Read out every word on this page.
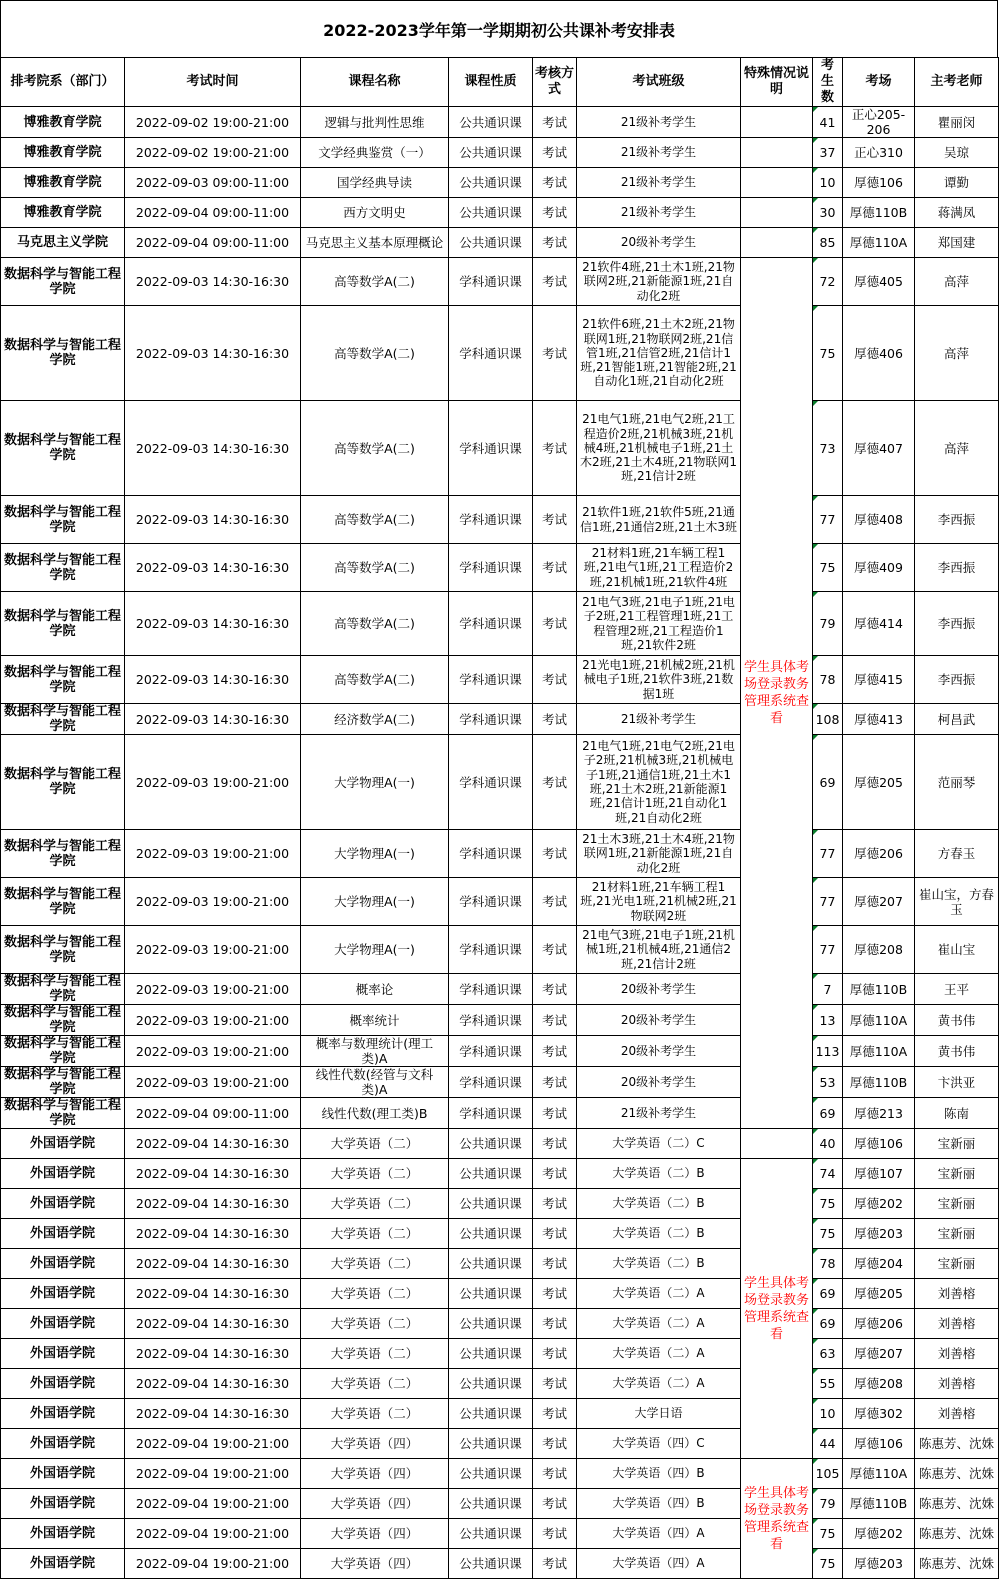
2022-2023学年第一学期期初公共课补考安排表
排考院系（部门）	考试时间	课程名称	课程性质	考核方式	考试班级	特殊情况说明	考生数	考场	主考老师
博雅教育学院	2022-09-02 19:00-21:00	逻辑与批判性思维	公共通识课	考试	21级补考学生		41	正心205-206	瞿丽闵
博雅教育学院	2022-09-02 19:00-21:00	文学经典鉴赏（一）	公共通识课	考试	21级补考学生		37	正心310	吴琼
博雅教育学院	2022-09-03 09:00-11:00	国学经典导读	公共通识课	考试	21级补考学生		10	厚德106	谭勤
博雅教育学院	2022-09-04 09:00-11:00	西方文明史	公共通识课	考试	21级补考学生		30	厚德110B	蒋满凤
马克思主义学院	2022-09-04 09:00-11:00	马克思主义基本原理概论	公共通识课	考试	20级补考学生		85	厚德110A	郑国建
数据科学与智能工程学院	2022-09-03 14:30-16:30	高等数学A(二)	学科通识课	考试	21软件4班,21土木1班,21物联网2班,21新能源1班,21自动化2班	学生具体考场登录教务管理系统查看	72	厚德405	高萍
数据科学与智能工程学院	2022-09-03 14:30-16:30	高等数学A(二)	学科通识课	考试	21软件6班,21土木2班,21物联网1班,21物联网2班,21信管1班,21信管2班,21信计1班,21智能1班,21智能2班,21自动化1班,21自动化2班		75	厚德406	高萍
数据科学与智能工程学院	2022-09-03 14:30-16:30	高等数学A(二)	学科通识课	考试	21电气1班,21电气2班,21工程造价2班,21机械3班,21机械4班,21机械电子1班,21土木2班,21土木4班,21物联网1班,21信计2班		73	厚德407	高萍
数据科学与智能工程学院	2022-09-03 14:30-16:30	高等数学A(二)	学科通识课	考试	21软件1班,21软件5班,21通信1班,21通信2班,21土木3班		77	厚德408	李西振
数据科学与智能工程学院	2022-09-03 14:30-16:30	高等数学A(二)	学科通识课	考试	21材料1班,21车辆工程1班,21电气1班,21工程造价2班,21机械1班,21软件4班		75	厚德409	李西振
数据科学与智能工程学院	2022-09-03 14:30-16:30	高等数学A(二)	学科通识课	考试	21电气3班,21电子1班,21电子2班,21工程管理1班,21工程管理2班,21工程造价1班,21软件2班		79	厚德414	李西振
数据科学与智能工程学院	2022-09-03 14:30-16:30	高等数学A(二)	学科通识课	考试	21光电1班,21机械2班,21机械电子1班,21软件3班,21数据1班		78	厚德415	李西振
数据科学与智能工程学院	2022-09-03 14:30-16:30	经济数学A(二)	学科通识课	考试	21级补考学生		108	厚德413	柯昌武
数据科学与智能工程学院	2022-09-03 19:00-21:00	大学物理A(一)	学科通识课	考试	21电气1班,21电气2班,21电子2班,21机械3班,21机械电子1班,21通信1班,21土木1班,21土木2班,21新能源1班,21信计1班,21自动化1班,21自动化2班		69	厚德205	范丽琴
数据科学与智能工程学院	2022-09-03 19:00-21:00	大学物理A(一)	学科通识课	考试	21土木3班,21土木4班,21物联网1班,21新能源1班,21自动化2班		77	厚德206	方春玉
数据科学与智能工程学院	2022-09-03 19:00-21:00	大学物理A(一)	学科通识课	考试	21材料1班,21车辆工程1班,21光电1班,21机械2班,21物联网2班		77	厚德207	崔山宝，方春玉
数据科学与智能工程学院	2022-09-03 19:00-21:00	大学物理A(一)	学科通识课	考试	21电气3班,21电子1班,21机械1班,21机械4班,21通信2班,21信计2班		77	厚德208	崔山宝
数据科学与智能工程学院	2022-09-03 19:00-21:00	概率论	学科通识课	考试	20级补考学生		7	厚德110B	王平
数据科学与智能工程学院	2022-09-03 19:00-21:00	概率统计	学科通识课	考试	20级补考学生		13	厚德110A	黄书伟
数据科学与智能工程学院	2022-09-03 19:00-21:00	概率与数理统计(理工类)A	学科通识课	考试	20级补考学生		113	厚德110A	黄书伟
数据科学与智能工程学院	2022-09-03 19:00-21:00	线性代数(经管与文科类)A	学科通识课	考试	20级补考学生		53	厚德110B	卞洪亚
数据科学与智能工程学院	2022-09-04 09:00-11:00	线性代数(理工类)B	学科通识课	考试	21级补考学生		69	厚德213	陈南
外国语学院	2022-09-04 14:30-16:30	大学英语（二）	公共通识课	考试	大学英语（二）C		40	厚德106	宝新丽
外国语学院	2022-09-04 14:30-16:30	大学英语（二）	公共通识课	考试	大学英语（二）B	学生具体考场登录教务管理系统查看	74	厚德107	宝新丽
外国语学院	2022-09-04 14:30-16:30	大学英语（二）	公共通识课	考试	大学英语（二）B		75	厚德202	宝新丽
外国语学院	2022-09-04 14:30-16:30	大学英语（二）	公共通识课	考试	大学英语（二）B		75	厚德203	宝新丽
外国语学院	2022-09-04 14:30-16:30	大学英语（二）	公共通识课	考试	大学英语（二）B		78	厚德204	宝新丽
外国语学院	2022-09-04 14:30-16:30	大学英语（二）	公共通识课	考试	大学英语（二）A		69	厚德205	刘善榕
外国语学院	2022-09-04 14:30-16:30	大学英语（二）	公共通识课	考试	大学英语（二）A		69	厚德206	刘善榕
外国语学院	2022-09-04 14:30-16:30	大学英语（二）	公共通识课	考试	大学英语（二）A		63	厚德207	刘善榕
外国语学院	2022-09-04 14:30-16:30	大学英语（二）	公共通识课	考试	大学英语（二）A		55	厚德208	刘善榕
外国语学院	2022-09-04 14:30-16:30	大学英语（二）	公共通识课	考试	大学日语		10	厚德302	刘善榕
外国语学院	2022-09-04 19:00-21:00	大学英语（四）	公共通识课	考试	大学英语（四）C		44	厚德106	陈惠芳、沈姝
外国语学院	2022-09-04 19:00-21:00	大学英语（四）	公共通识课	考试	大学英语（四）B	学生具体考场登录教务管理系统查看	105	厚德110A	陈惠芳、沈姝
外国语学院	2022-09-04 19:00-21:00	大学英语（四）	公共通识课	考试	大学英语（四）B		79	厚德110B	陈惠芳、沈姝
外国语学院	2022-09-04 19:00-21:00	大学英语（四）	公共通识课	考试	大学英语（四）A		75	厚德202	陈惠芳、沈姝
外国语学院	2022-09-04 19:00-21:00	大学英语（四）	公共通识课	考试	大学英语（四）A		75	厚德203	陈惠芳、沈姝
